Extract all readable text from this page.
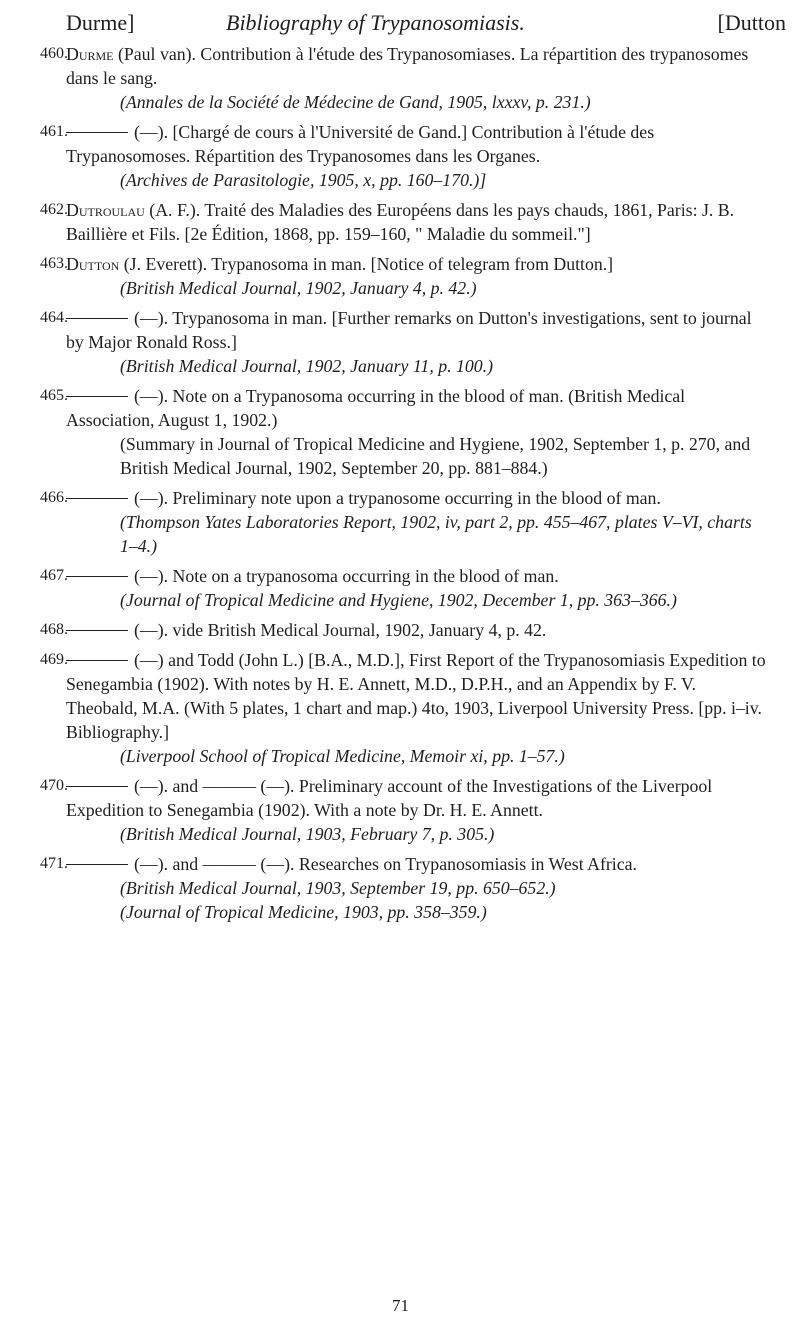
Durme]	Bibliography of Trypanosomiasis.	[Dutton
460.
Durme (Paul van). Contribution à l'étude des Trypanosomiases. La répartition des trypanosomes dans le sang.
(Annales de la Société de Médecine de Gand, 1905, lxxxv, p. 231.)
461.	(—). [Chargé de cours à l'Université de Gand.] Contribution à l'étude des Trypanosomoses. Répartition des Trypanosomes dans les Organes.
(Archives de Parasitologie, 1905, x, pp. 160–170.)]
462.
Dutroulau (A. F.). Traité des Maladies des Européens dans les pays chauds, 1861, Paris: J. B. Baillière et Fils. [2e Édition, 1868, pp. 159–160, " Maladie du sommeil."]
463.
Dutton (J. Everett). Trypanosoma in man. [Notice of telegram from Dutton.]
(British Medical Journal, 1902, January 4, p. 42.)
464.	(—). Trypanosoma in man. [Further remarks on Dutton's investigations, sent to journal by Major Ronald Ross.]
(British Medical Journal, 1902, January 11, p. 100.)
465.	(—). Note on a Trypanosoma occurring in the blood of man. (British Medical Association, August 1, 1902.)
(Summary in Journal of Tropical Medicine and Hygiene, 1902, September 1, p. 270, and British Medical Journal, 1902, September 20, pp. 881–884.)
466.	(—). Preliminary note upon a trypanosome occurring in the blood of man.
(Thompson Yates Laboratories Report, 1902, iv, part 2, pp. 455–467, plates V–VI, charts 1–4.)
467.	(—). Note on a trypanosoma occurring in the blood of man.
(Journal of Tropical Medicine and Hygiene, 1902, December 1, pp. 363–366.)
468.	(—). vide British Medical Journal, 1902, January 4, p. 42.
469.	(—) and Todd (John L.) [B.A., M.D.], First Report of the Trypanosomiasis Expedition to Senegambia (1902). With notes by H. E. Annett, M.D., D.P.H., and an Appendix by F. V. Theobald, M.A. (With 5 plates, 1 chart and map.) 4to, 1903, Liverpool University Press. [pp. i–iv. Bibliography.]
(Liverpool School of Tropical Medicine, Memoir xi, pp. 1–57.)
470.	(—). and ——— (—). Preliminary account of the Investigations of the Liverpool Expedition to Senegambia (1902). With a note by Dr. H. E. Annett.
(British Medical Journal, 1903, February 7, p. 305.)
471.	(—). and ——— (—). Researches on Trypanosomiasis in West Africa.
(British Medical Journal, 1903, September 19, pp. 650–652.)
(Journal of Tropical Medicine, 1903, pp. 358–359.)
71
